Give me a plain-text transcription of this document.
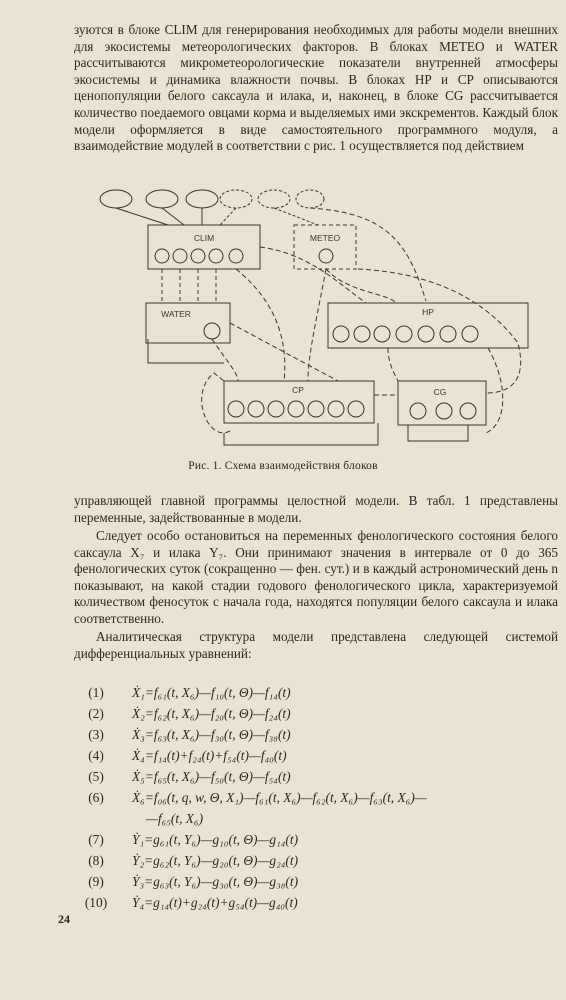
зуются в блоке CLIM для генерирования необходимых для работы модели внешних для экосистемы метеорологических факторов. В блоках METEO и WATER рассчитываются микрометеорологические показатели внутренней атмосферы экосистемы и динамика влажности почвы. В блоках HP и CP описываются ценопопуляции белого саксаула и илака, и, наконец, в блоке CG рассчитывается количество поедаемого овцами корма и выделяемых ими экскрементов. Каждый блок модели оформляется в виде самостоятельного программного модуля, а взаимодействие модулей в соответствии с рис. 1 осуществляется под действием

CLIM	METEO
WATER	HP
CP	CG
Рис. 1. Схема взаимодействия блоков

управляющей главной программы целостной модели. В табл. 1 представлены переменные, задействованные в модели.

Следует особо остановиться на переменных фенологического состояния белого саксаула X₇ и илака Y₇. Они принимают значения в интервале от 0 до 365 фенологических суток (сокращенно — фен. сут.) и в каждый астрономический день n показывают, на какой стадии годового фенологического цикла, характеризуемой количеством феносуток с начала года, находятся популяции белого саксаула и илака соответственно.

Аналитическая структура модели представлена следующей системой дифференциальных уравнений:

(1)	Ẋ₁=f₆₁(t, X₆)—f₁₀(t, Θ)—f₁₄(t)
(2)	Ẋ₂=f₆₂(t, X₆)—f₂₀(t, Θ)—f₂₄(t)
(3)	Ẋ₃=f₆₃(t, X₆)—f₃₀(t, Θ)—f₃₈(t)
(4)	Ẋ₄=f₁₄(t)+f₂₄(t)+f₅₄(t)—f₄₀(t)
(5)	Ẋ₅=f₆₅(t, X₆)—f₅₀(t, Θ)—f₅₄(t)
(6)	Ẋ₆=f₀₆(t, q, w, Θ, X₁)—f₆₁(t, X₆)—f₆₂(t, X₆)—f₆₃(t, X₆)—
—f₆₅(t, X₆)
(7)	Ẏ₁=g₆₁(t, Y₆)—g₁₀(t, Θ)—g₁₄(t)
(8)	Ẏ₂=g₆₂(t, Y₆)—g₂₀(t, Θ)—g₂₄(t)
(9)	Ẏ₃=g₆₃(t, Y₆)—g₃₀(t, Θ)—g₃₈(t)
(10)	Ẏ₄=g₁₄(t)+g₂₄(t)+g₅₄(t)—g₄₀(t)
24
